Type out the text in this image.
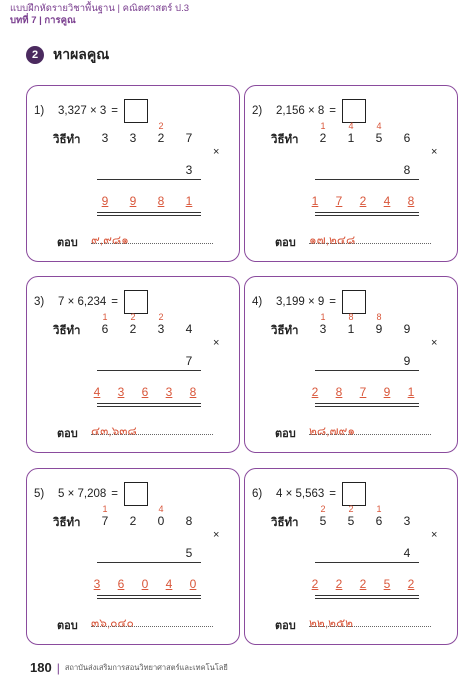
แบบฝึกหัดรายวิชาพื้นฐาน | คณิตศาสตร์ ป.3
บทที่ 7 | การคูณ
2	หาผลคูณ
1)	3,327 × 3 =
วิธีทำ
2
3 3 2 7
×
3
9 9 8 1
ตอบ ๙,๙๘๑
2)	2,156 × 8 =
วิธีทำ
1	4	4
2 1 5 6
×
8
1 7 2 4 8
ตอบ ๑๗,๒๔๘
3)	7 × 6,234 =
วิธีทำ
1	2	2
6 2 3 4
×
7
4 3 6 3 8
ตอบ ๔๓,๖๓๘
4)	3,199 × 9 =
วิธีทำ
1	8	8
3 1 9 9
×
9
2 8 7 9 1
ตอบ ๒๘,๗๙๑
5)	5 × 7,208 =
วิธีทำ
1	4
7 2 0 8
×
5
3 6 0 4 0
ตอบ ๓๖,๐๔๐
6)	4 × 5,563 =
วิธีทำ
2	2	1
5 5 6 3
×
4
2 2 2 5 2
ตอบ ๒๒,๒๕๒
180 | สถาบันส่งเสริมการสอนวิทยาศาสตร์และเทคโนโลยี
